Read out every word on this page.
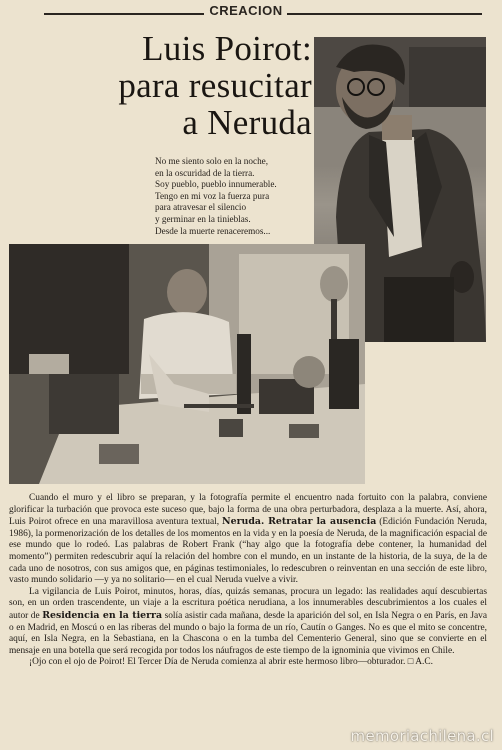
CREACION
Luis Poirot:
para resucitar
a Neruda
No me siento solo en la noche,
en la oscuridad de la tierra.
Soy pueblo, pueblo innumerable.
Tengo en mi voz la fuerza pura
para atravesar el silencio
y germinar en la tinieblas.
Desde la muerte renaceremos...

Cuando el muro y el libro se preparan, y la fotografía permite el encuentro nada fortuito con la palabra, conviene glorificar la turbación que provoca este suceso que, bajo la forma de una obra perturbadora, desplaza a la muerte. Así, ahora, Luis Poirot ofrece en una maravillosa aventura textual, Neruda. Retratar la ausencia (Edición Fundación Neruda, 1986), la pormenorización de los detalles de los momentos en la vida y en la poesía de Neruda, de la magnificación espacial de ese mundo que lo rodeó. Las palabras de Robert Frank (“hay algo que la fotografía debe contener, la humanidad del momento”) permiten redescubrir aquí la relación del hombre con el mundo, en un instante de la historia, de la suya, de la de cada uno de nosotros, con sus amigos que, en páginas testimoniales, lo redescubren o reinventan en una sección de este libro, vasto mundo solidario —y ya no solitario— en el cual Neruda vuelve a vivir.

La vigilancia de Luis Poirot, minutos, horas, días, quizás semanas, procura un legado: las realidades aquí descubiertas son, en un orden trascendente, un viaje a la escritura poética nerudiana, a los innumerables descubrimientos a los cuales el autor de Residencia en la tierra solía asistir cada mañana, desde la aparición del sol, en Isla Negra o en París, en Java o en Madrid, en Moscú o en las riberas del mundo o bajo la forma de un río, Cautín o Ganges. No es que el mito se concentre, aquí, en Isla Negra, en la Sebastiana, en la Chascona o en la tumba del Cementerio General, sino que se convierte en el mensaje en una botella que será recogida por todos los náufragos de este tiempo de la ignominia que vivimos en Chile.

¡Ojo con el ojo de Poirot! El Tercer Día de Neruda comienza al abrir este hermoso libro—obturador. □ A.C.

memoriachilena.cl
